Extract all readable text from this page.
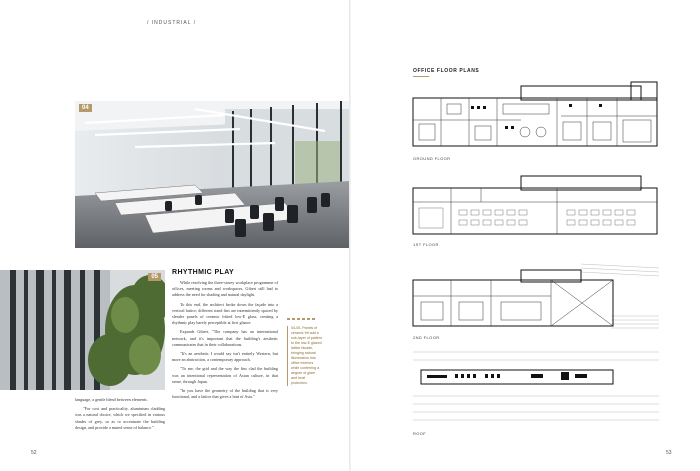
/ INDUSTRIAL /
04
05
RHYTHMIC PLAY

While resolving the three-storey workplace programme of offices, meeting rooms and workspaces, Gibert still had to address the need for shading and natural daylight.

To this end, the architect broke down the façade into a vertical lattice; different sized fins are intermittently spaced by slender panels of ceramic fritted low-E glass, creating a rhythmic play barely perceptible at first glance.

Expands Gibert, "The company has an international network, and it's important that the building's aesthetic communicates that in their collaborations.

"It's an aesthetic I would say isn't entirely Western, but more an abstraction, a contemporary approach.

"To me, the grid and the way the fins clad the building was an intentional representation of Asian culture, in that sense, through Japan.

"In you have the geometry of the building that is very functional, and a lattice that gives a hint of Asia."

language, a gentle blend between elements.

"For cost and practicality, aluminium cladding was a natural choice, which we specified in various shades of grey, so as to accentuate the building design, and provide a muted sense of balance."

04-05. Panels of ceramic frit add a sub-layer of pattern to the low-E glazed lattice facade, bringing natural illumination into office interiors while conferring a degree of glare and heat protection.
52
OFFICE FLOOR PLANS
GROUND FLOOR
1ST FLOOR
2ND FLOOR
ROOF
53
